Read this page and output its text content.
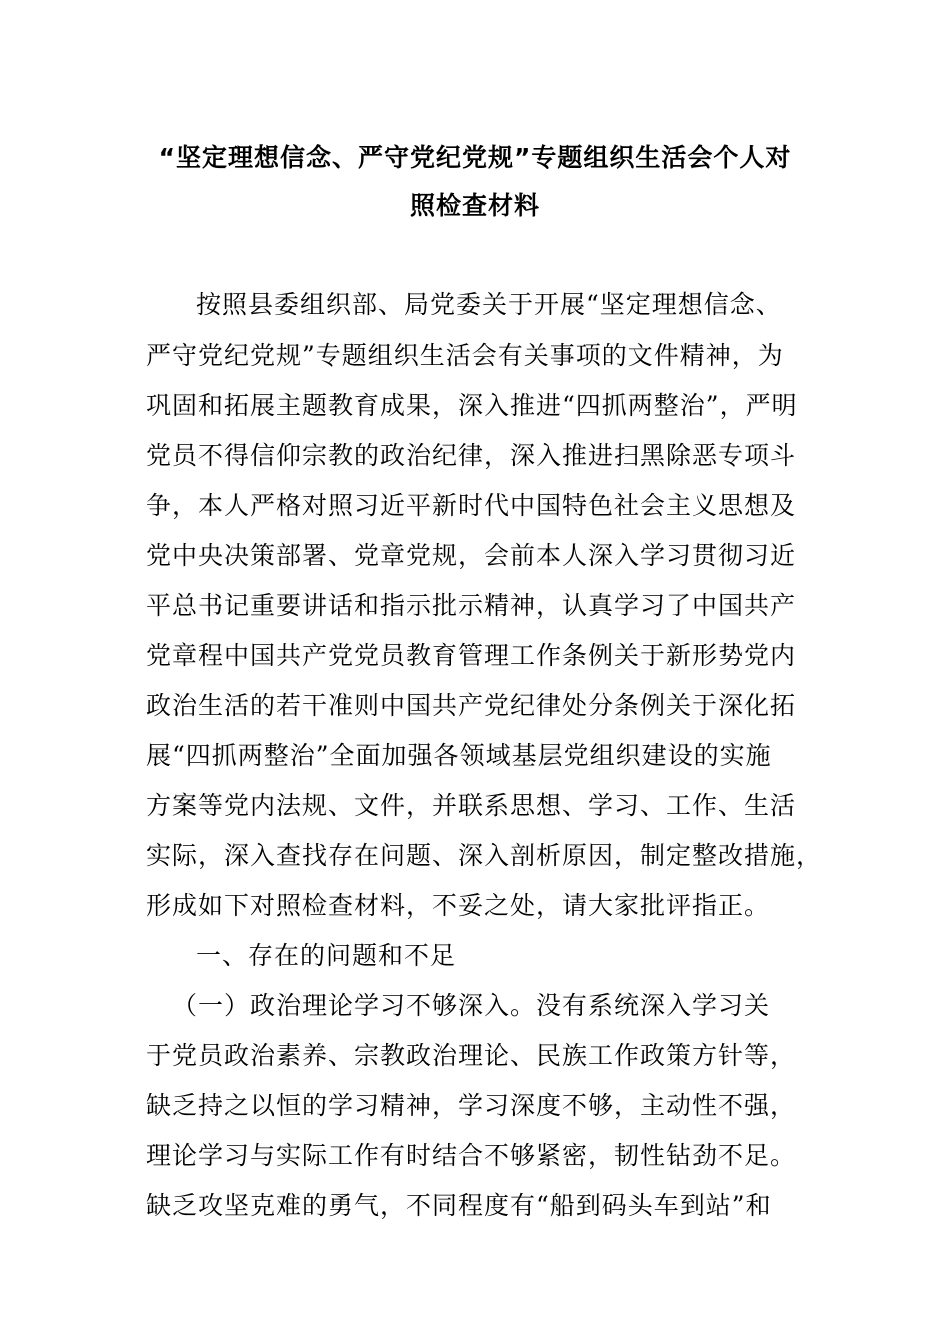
“坚定理想信念、严守党纪党规”专题组织生活会个人对
照检查材料
按照县委组织部、局党委关于开展“坚定理想信念、
严守党纪党规”专题组织生活会有关事项的文件精神，为
巩固和拓展主题教育成果，深入推进“四抓两整治”，严明
党员不得信仰宗教的政治纪律，深入推进扫黑除恶专项斗
争，本人严格对照习近平新时代中国特色社会主义思想及
党中央决策部署、党章党规，会前本人深入学习贯彻习近
平总书记重要讲话和指示批示精神，认真学习了中国共产
党章程中国共产党党员教育管理工作条例关于新形势党内
政治生活的若干准则中国共产党纪律处分条例关于深化拓
展“四抓两整治”全面加强各领域基层党组织建设的实施
方案等党内法规、文件，并联系思想、学习、工作、生活
实际，深入查找存在问题、深入剖析原因，制定整改措施，
形成如下对照检查材料，不妥之处，请大家批评指正。
一、存在的问题和不足
（一）政治理论学习不够深入。没有系统深入学习关
于党员政治素养、宗教政治理论、民族工作政策方针等，
缺乏持之以恒的学习精神，学习深度不够，主动性不强，
理论学习与实际工作有时结合不够紧密，韧性钻劲不足。
缺乏攻坚克难的勇气，不同程度有“船到码头车到站”和
